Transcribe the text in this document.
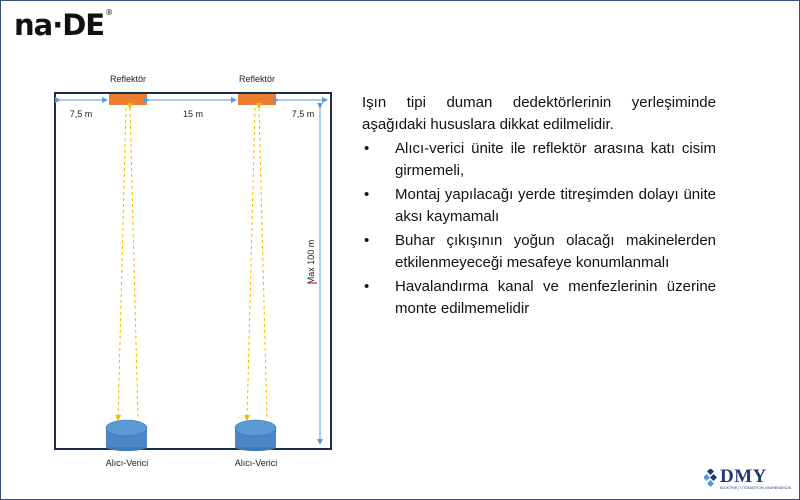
na·DE®
Reflektör	Reflektör
7,5 m	15 m	7,5 m
Max 100 m
Alıcı-Verici	Alıcı-Verici

Işın tipi duman dedektörlerinin yerleşiminde aşağıdaki hususlara dikkat edilmelidir.

• Alıcı-verici ünite ile reflektör arasına katı cisim girmemeli,
• Montaj yapılacağı yerde titreşimden dolayı ünite aksı kaymamalı
• Buhar çıkışının yoğun olacağı makinelerden etkilenmeyeceği mesafeye konumlanmalı
• Havalandırma kanal ve menfezlerinin üzerine monte edilmemelidir
DMY
ELEKTRİK | OTOMASYON | MÜHENDİSLİK
